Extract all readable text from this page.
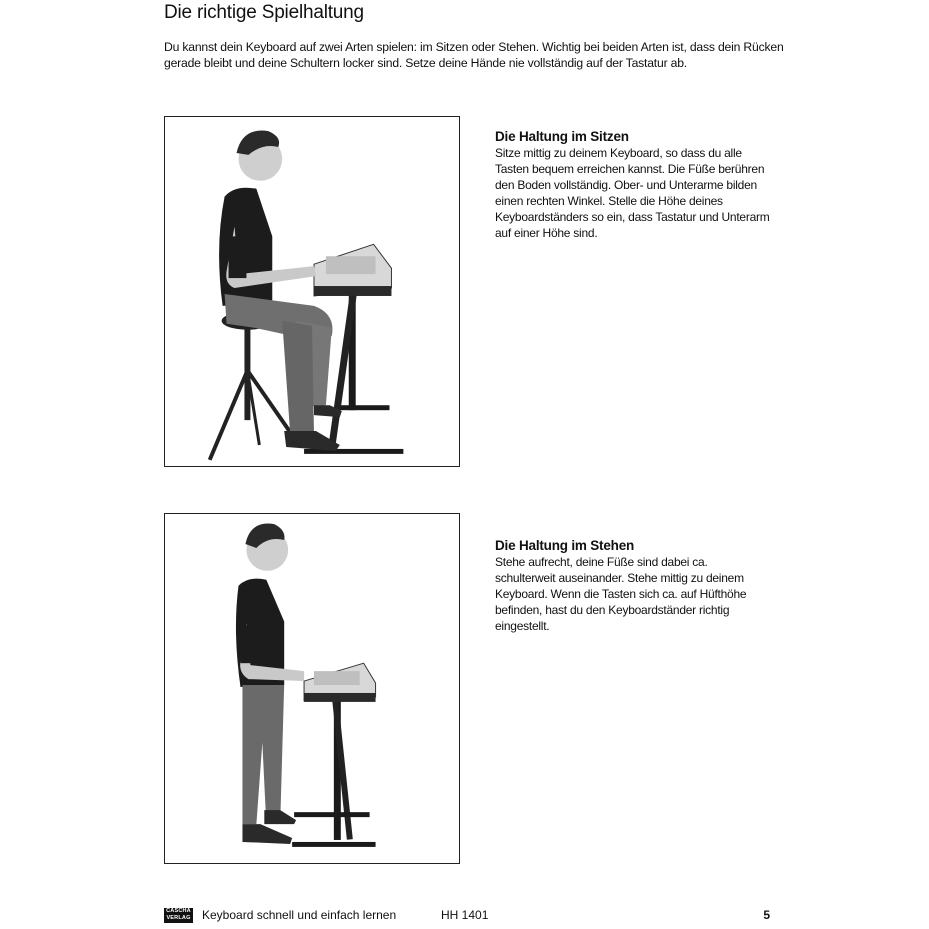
Die richtige Spielhaltung

Du kannst dein Keyboard auf zwei Arten spielen: im Sitzen oder Stehen. Wichtig bei beiden Arten ist, dass dein Rücken gerade bleibt und deine Schultern locker sind. Setze deine Hände nie vollständig auf der Tastatur ab.

Die Haltung im Sitzen

Sitze mittig zu deinem Keyboard, so dass du alle Tasten bequem erreichen kannst. Die Füße berühren den Boden vollständig. Ober- und Unterarme bilden einen rechten Winkel. Stelle die Höhe deines Keyboardständers so ein, dass Tastatur und Unterarm auf einer Höhe sind.

Die Haltung im Stehen

Stehe aufrecht, deine Füße sind dabei ca. schulterweit auseinander. Stehe mittig zu deinem Keyboard. Wenn die Tasten sich ca. auf Hüfthöhe befinden, hast du den Keyboardständer richtig eingestellt.

CASCHA
VERLAG Keyboard schnell und einfach lernen	HH 1401	5
